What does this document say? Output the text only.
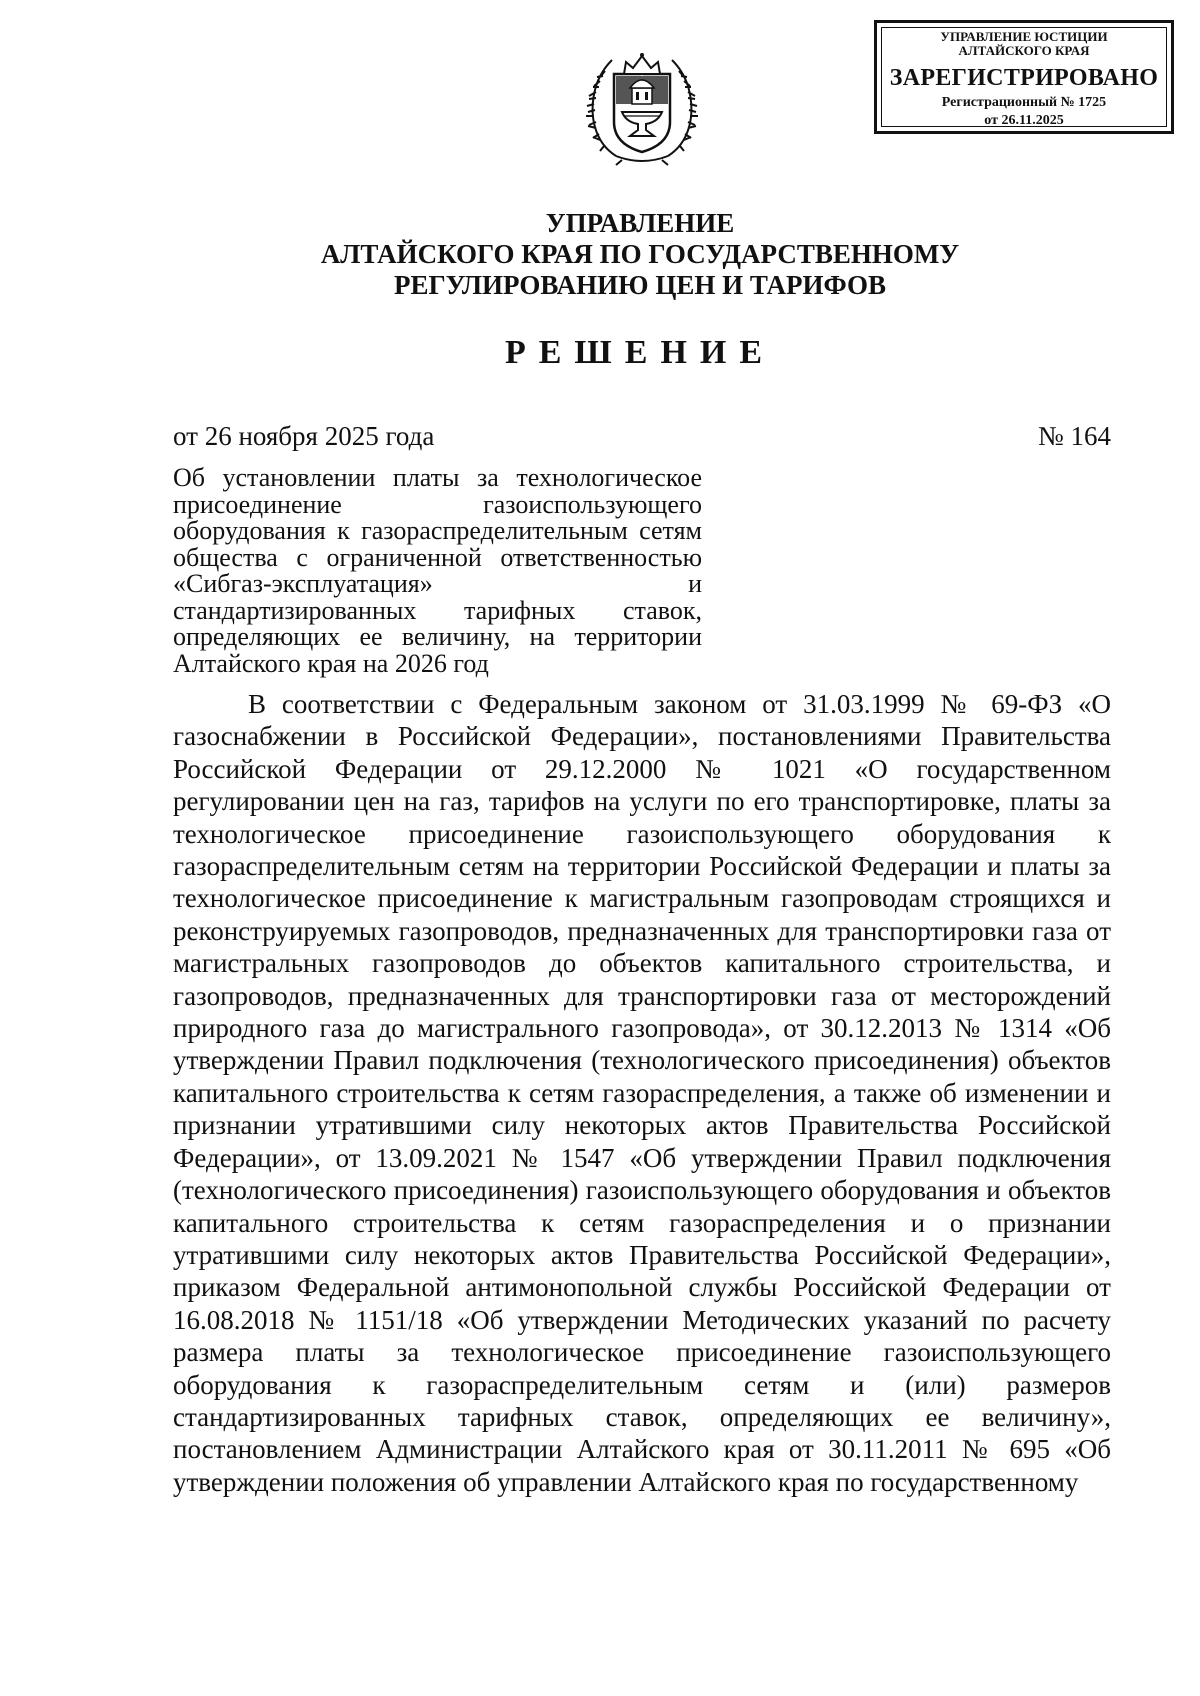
УПРАВЛЕНИЕ ЮСТИЦИИ
АЛТАЙСКОГО КРАЯ
ЗАРЕГИСТРИРОВАНО
Регистрационный № 1725
от 26.11.2025
УПРАВЛЕНИЕ
АЛТАЙСКОГО КРАЯ ПО ГОСУДАРСТВЕННОМУ
РЕГУЛИРОВАНИЮ ЦЕН И ТАРИФОВ
РЕШЕНИЕ
от 26 ноября 2025 года	№ 164
Об установлении платы за технологическое присоединение газоиспользующего оборудования к газораспределительным сетям общества с ограниченной ответственностью «Сибгаз-эксплуатация» и стандартизированных тарифных ставок, определяющих ее величину, на территории Алтайского края на 2026 год
В соответствии с Федеральным законом от 31.03.1999 № 69-ФЗ «О газоснабжении в Российской Федерации», постановлениями Правительства Российской Федерации от 29.12.2000 № 1021 «О государственном регулировании цен на газ, тарифов на услуги по его транспортировке, платы за технологическое присоединение газоиспользующего оборудования к газораспределительным сетям на территории Российской Федерации и платы за технологическое присоединение к магистральным газопроводам строящихся и реконструируемых газопроводов, предназначенных для транспортировки газа от магистральных газопроводов до объектов капитального строительства, и газопроводов, предназначенных для транспортировки газа от месторождений природного газа до магистрального газопровода», от 30.12.2013 № 1314 «Об утверждении Правил подключения (технологического присоединения) объектов капитального строительства к сетям газораспределения, а также об изменении и признании утратившими силу некоторых актов Правительства Российской Федерации», от 13.09.2021 № 1547 «Об утверждении Правил подключения (технологического присоединения) газоиспользующего оборудования и объектов капитального строительства к сетям газораспределения и о признании утратившими силу некоторых актов Правительства Российской Федерации», приказом Федеральной антимонопольной службы Российской Федерации от 16.08.2018 № 1151/18 «Об утверждении Методических указаний по расчету размера платы за технологическое присоединение газоиспользующего оборудования к газораспределительным сетям и (или) размеров стандартизированных тарифных ставок, определяющих ее величину», постановлением Администрации Алтайского края от 30.11.2011 № 695 «Об утверждении положения об управлении Алтайского края по государственному
